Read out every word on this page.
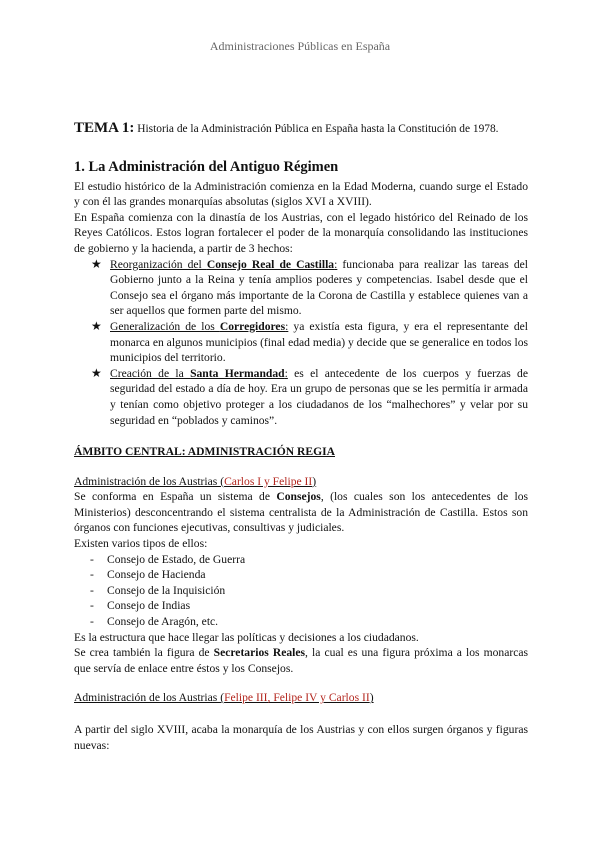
Administraciones Públicas en España
TEMA 1: Historia de la Administración Pública en España hasta la Constitución de 1978.
1. La Administración del Antiguo Régimen

El estudio histórico de la Administración comienza en la Edad Moderna, cuando surge el Estado y con él las grandes monarquías absolutas (siglos XVI a XVIII).

En España comienza con la dinastía de los Austrias, con el legado histórico del Reinado de los Reyes Católicos. Estos logran fortalecer el poder de la monarquía consolidando las instituciones de gobierno y la hacienda, a partir de 3 hechos:

★ Reorganización del Consejo Real de Castilla: funcionaba para realizar las tareas del Gobierno junto a la Reina y tenía amplios poderes y competencias. Isabel desde que el Consejo sea el órgano más importante de la Corona de Castilla y establece quienes van a ser aquellos que formen parte del mismo.
★ Generalización de los Corregidores: ya existía esta figura, y era el representante del monarca en algunos municipios (final edad media) y decide que se generalice en todos los municipios del territorio.
★ Creación de la Santa Hermandad: es el antecedente de los cuerpos y fuerzas de seguridad del estado a día de hoy. Era un grupo de personas que se les permitía ir armada y tenían como objetivo proteger a los ciudadanos de los “malhechores” y velar por su seguridad en “poblados y caminos”.
ÁMBITO CENTRAL: ADMINISTRACIÓN REGIA
Administración de los Austrias (Carlos I y Felipe II)

Se conforma en España un sistema de Consejos, (los cuales son los antecedentes de los Ministerios) desconcentrando el sistema centralista de la Administración de Castilla. Estos son órganos con funciones ejecutivas, consultivas y judiciales.

Existen varios tipos de ellos:

- Consejo de Estado, de Guerra
- Consejo de Hacienda
- Consejo de la Inquisición
- Consejo de Indias
- Consejo de Aragón, etc.

Es la estructura que hace llegar las políticas y decisiones a los ciudadanos.

Se crea también la figura de Secretarios Reales, la cual es una figura próxima a los monarcas que servía de enlace entre éstos y los Consejos.

Administración de los Austrias (Felipe III, Felipe IV y Carlos II)

A partir del siglo XVIII, acaba la monarquía de los Austrias y con ellos surgen órganos y figuras nuevas:
